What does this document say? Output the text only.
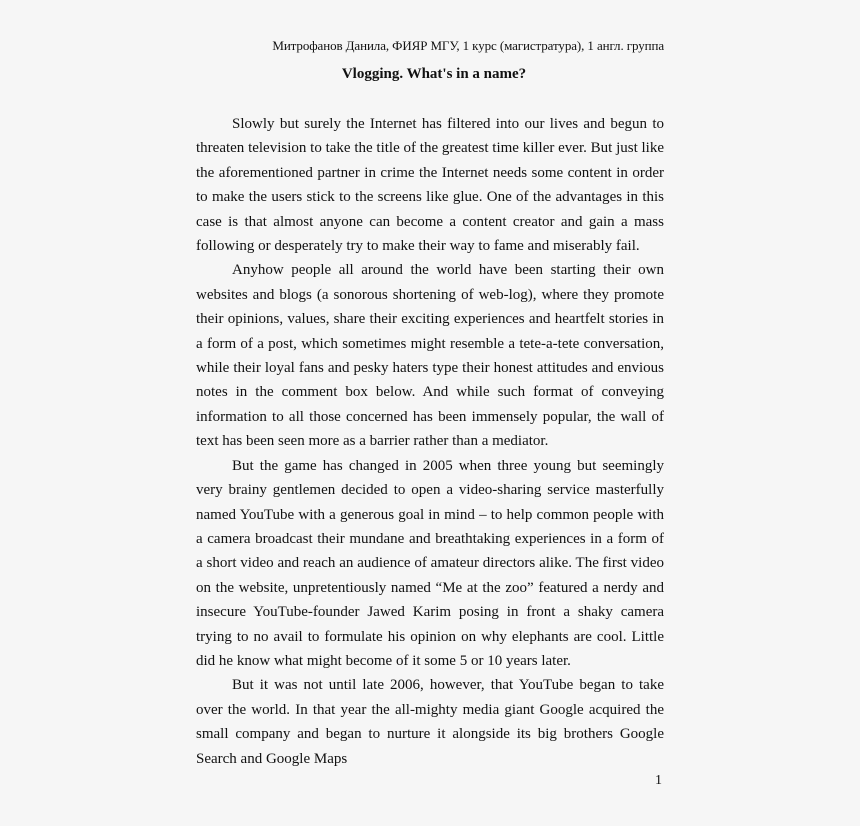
Митрофанов Данила, ФИЯР МГУ, 1 курс (магистратура), 1 англ. группа
Vlogging. What's in a name?

Slowly but surely the Internet has filtered into our lives and begun to threaten television to take the title of the greatest time killer ever. But just like the aforementioned partner in crime the Internet needs some content in order to make the users stick to the screens like glue. One of the advantages in this case is that almost anyone can become a content creator and gain a mass following or desperately try to make their way to fame and miserably fail.

Anyhow people all around the world have been starting their own websites and blogs (a sonorous shortening of web-log), where they promote their opinions, values, share their exciting experiences and heartfelt stories in a form of a post, which sometimes might resemble a tete-a-tete conversation, while their loyal fans and pesky haters type their honest attitudes and envious notes in the comment box below. And while such format of conveying information to all those concerned has been immensely popular, the wall of text has been seen more as a barrier rather than a mediator.

But the game has changed in 2005 when three young but seemingly very brainy gentlemen decided to open a video-sharing service masterfully named YouTube with a generous goal in mind – to help common people with a camera broadcast their mundane and breathtaking experiences in a form of a short video and reach an audience of amateur directors alike. The first video on the website, unpretentiously named “Me at the zoo” featured a nerdy and insecure YouTube-founder Jawed Karim posing in front a shaky camera trying to no avail to formulate his opinion on why elephants are cool. Little did he know what might become of it some 5 or 10 years later.

But it was not until late 2006, however, that YouTube began to take over the world. In that year the all-mighty media giant Google acquired the small company and began to nurture it alongside its big brothers Google Search and Google Maps

1
